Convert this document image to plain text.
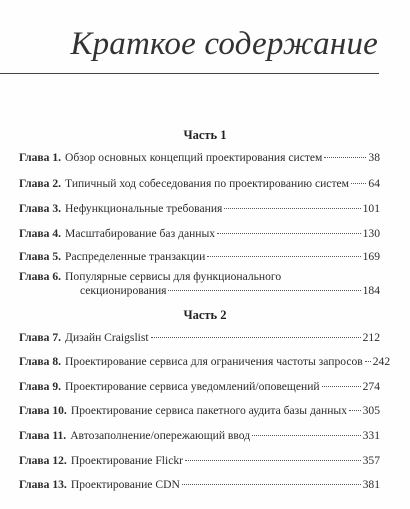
Краткое содержание
Часть 1
Глава 1. Обзор основных концепций проектирования систем	38
Глава 2. Типичный ход собеседования по проектированию систем 64
Глава 3. Нефункциональные требования	101
Глава 4. Масштабирование баз данных	130
Глава 5. Распределенные транзакции	169
Глава 6. Популярные сервисы для функционального
секционирования	184
Часть 2
Глава 7. Дизайн Craigslist	212
Глава 8. Проектирование сервиса для ограничения частоты запросов 242
Глава 9. Проектирование сервиса уведомлений/оповещений	274
Глава 10. Проектирование сервиса пакетного аудита базы данных 305
Глава 11. Автозаполнение/опережающий ввод	331
Глава 12. Проектирование Flickr	357
Глава 13. Проектирование CDN	381
